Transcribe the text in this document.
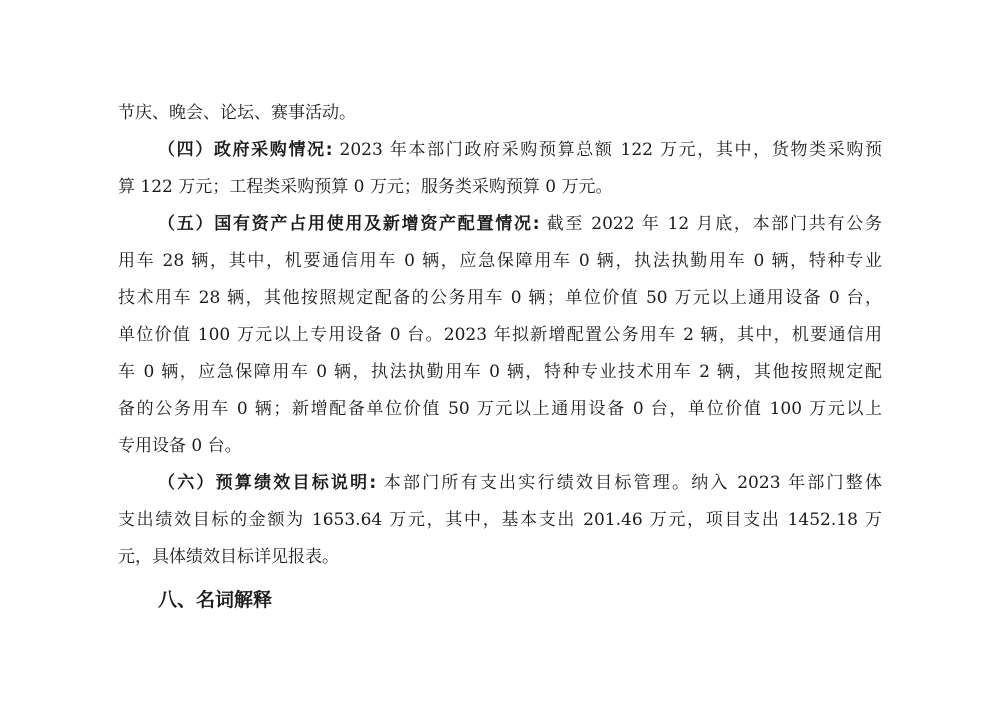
节庆、晚会、论坛、赛事活动。
（四）政府采购情况: 2023 年本部门政府采购预算总额 122 万元，其中，货物类采购预
算 122 万元；工程类采购预算 0 万元；服务类采购预算 0 万元。
（五）国有资产占用使用及新增资产配置情况: 截至 2022 年 12 月底，本部门共有公务
用车 28 辆，其中，机要通信用车 0 辆，应急保障用车 0 辆，执法执勤用车 0 辆，特种专业
技术用车 28 辆，其他按照规定配备的公务用车 0 辆；单位价值 50 万元以上通用设备 0 台，
单位价值 100 万元以上专用设备 0 台。2023 年拟新增配置公务用车 2 辆，其中，机要通信用
车 0 辆，应急保障用车 0 辆，执法执勤用车 0 辆，特种专业技术用车 2 辆，其他按照规定配
备的公务用车 0 辆；新增配备单位价值 50 万元以上通用设备 0 台，单位价值 100 万元以上
专用设备 0 台。
（六）预算绩效目标说明: 本部门所有支出实行绩效目标管理。纳入 2023 年部门整体
支出绩效目标的金额为 1653.64 万元，其中，基本支出 201.46 万元，项目支出 1452.18 万
元，具体绩效目标详见报表。
八、名词解释
